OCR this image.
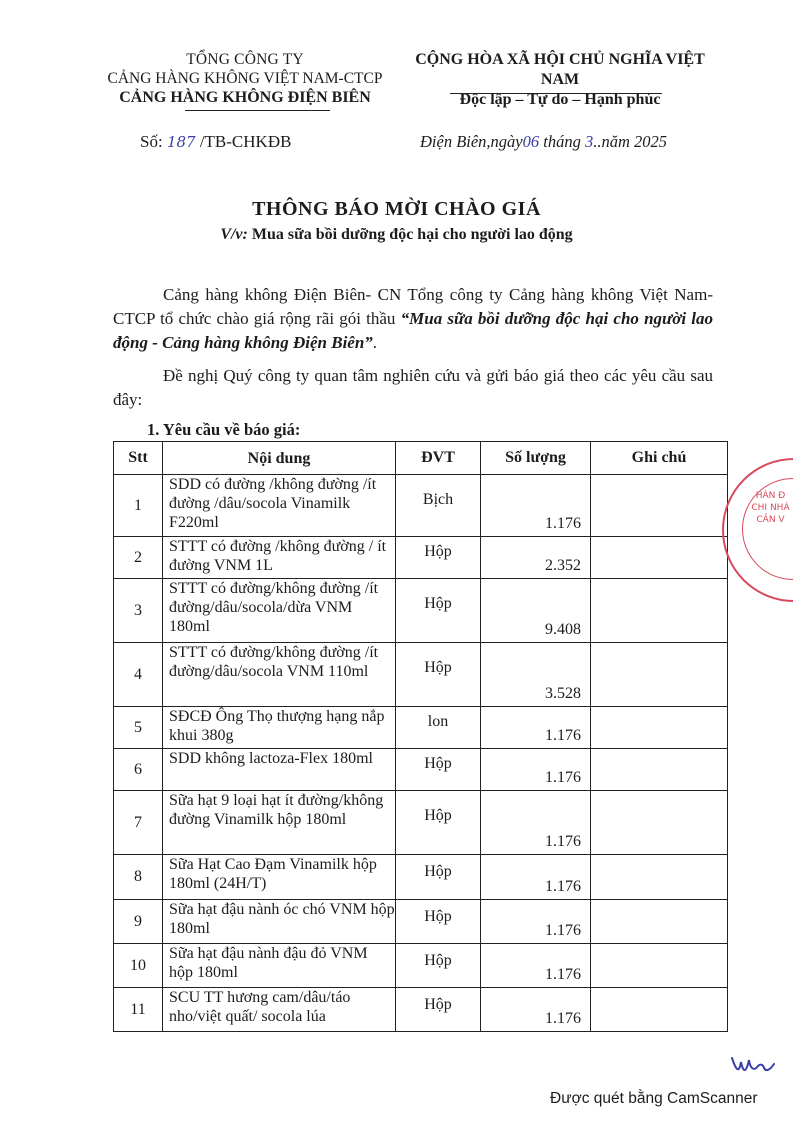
TỔNG CÔNG TY
CẢNG HÀNG KHÔNG VIỆT NAM-CTCP
CẢNG HÀNG KHÔNG ĐIỆN BIÊN
CỘNG HÒA XÃ HỘI CHỦ NGHĨA VIỆT NAM
Độc lập – Tự do – Hạnh phúc
Số: 187 /TB-CHKĐB	Điện Biên,ngày06 tháng 3..năm 2025
THÔNG BÁO MỜI CHÀO GIÁ
V/v: Mua sữa bồi dưỡng độc hại cho người lao động
Cảng hàng không Điện Biên- CN Tổng công ty Cảng hàng không Việt Nam-CTCP tổ chức chào giá rộng rãi gói thầu “Mua sữa bồi dưỡng độc hại cho người lao động - Cảng hàng không Điện Biên”.
Đề nghị Quý công ty quan tâm nghiên cứu và gửi báo giá theo các yêu cầu sau đây:
1. Yêu cầu về báo giá:
Stt	Nội dung	ĐVT	Số lượng	Ghi chú
1	SDD có đường /không đường /ít đường /dâu/socola Vinamilk F220ml	Bịch	1.176	

2	STTT có đường /không đường / ít đường VNM 1L	Hộp	2.352	

3	STTT có đường/không đường /ít đường/dâu/socola/dừa VNM 180ml	Hộp	9.408	

4	STTT có đường/không đường /ít đường/dâu/socola VNM 110ml	Hộp	3.528	

5	SĐCĐ Ông Thọ thượng hạng nắp khui 380g	lon	1.176	

6	SDD không lactoza-Flex 180ml	Hộp	1.176	

7	Sữa hạt 9 loại hạt ít đường/không đường Vinamilk hộp 180ml	Hộp	1.176	

8	Sữa Hạt Cao Đạm Vinamilk hộp 180ml (24H/T)	Hộp	1.176	

9	Sữa hạt đậu nành óc chó VNM hộp 180ml	Hộp	1.176	

10	Sữa hạt đậu nành đậu đỏ VNM hộp 180ml	Hộp	1.176	

11	SCU TT hương cam/dâu/táo nho/việt quất/ socola lúa	Hộp	1.176	

HÀN Đ CHI NHÁ CẢN V
Được quét bằng CamScanner
